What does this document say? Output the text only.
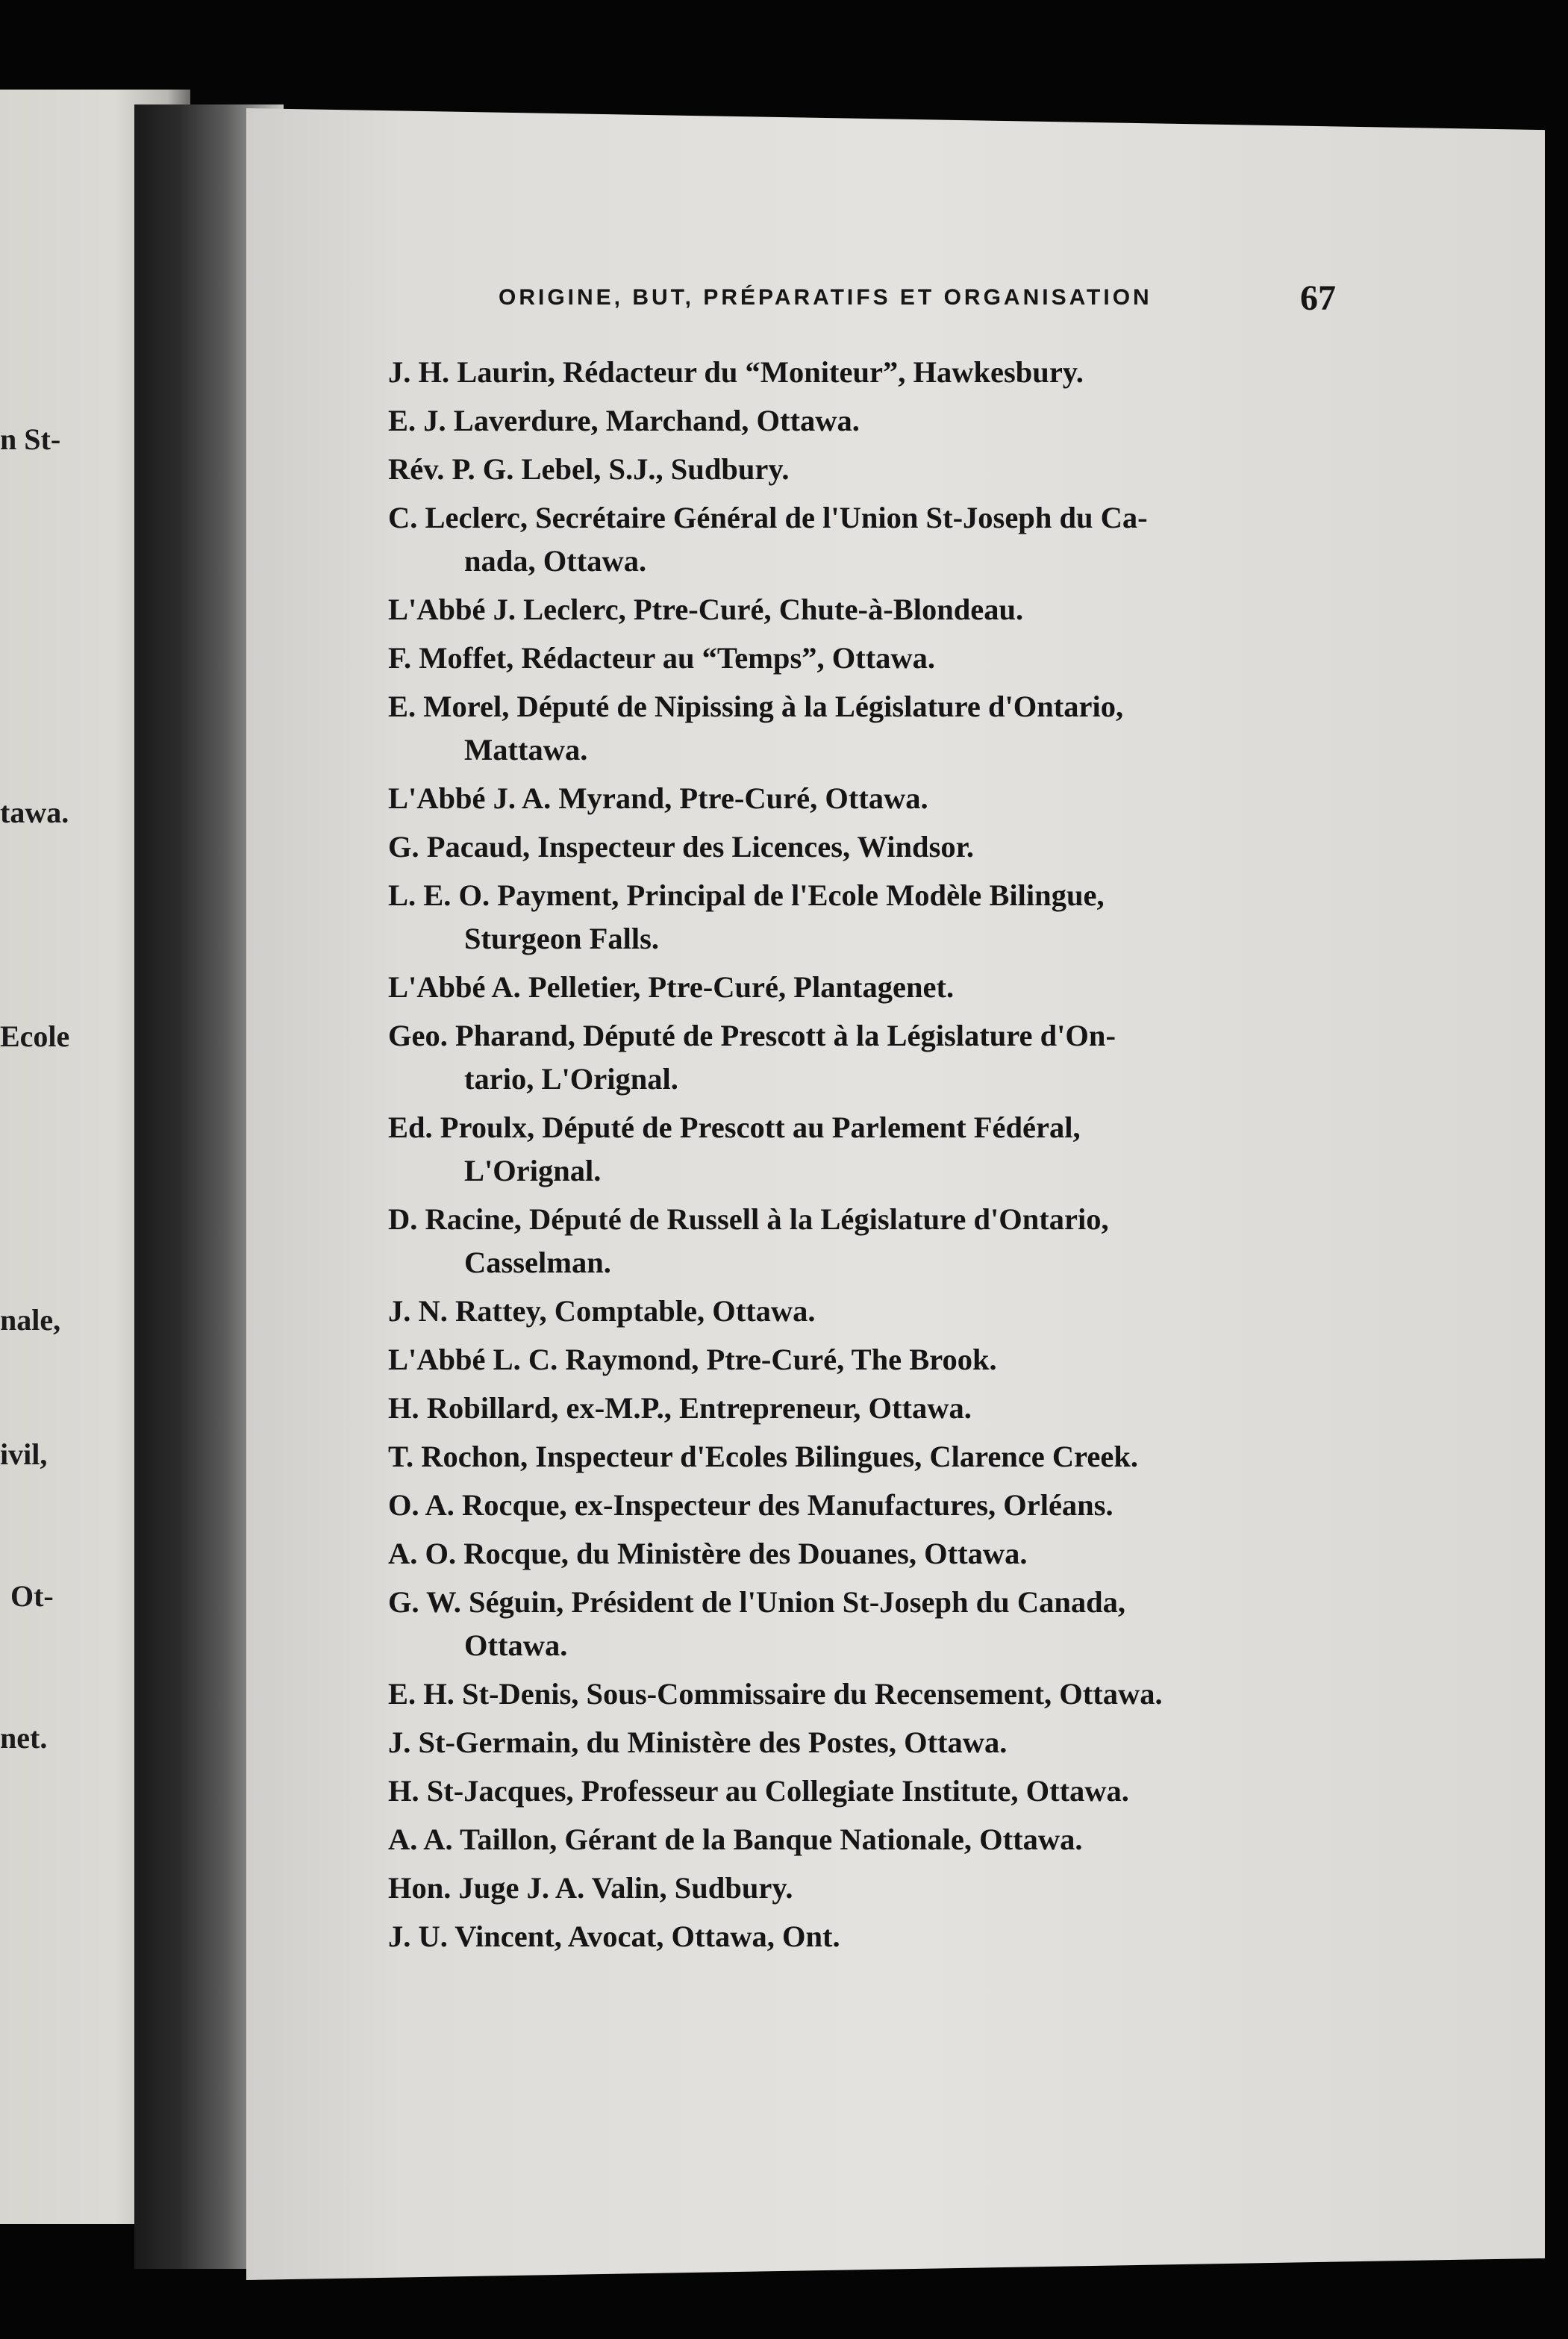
n St-
tawa.
Ecole
nale,
ivil,
Ot-
net.
ORIGINE, BUT, PRÉPARATIFS ET ORGANISATION	67
J. H. Laurin, Rédacteur du “Moniteur”, Hawkesbury.
E. J. Laverdure, Marchand, Ottawa.
Rév. P. G. Lebel, S.J., Sudbury.
C. Leclerc, Secrétaire Général de l'Union St-Joseph du Ca-
nada, Ottawa.
L'Abbé J. Leclerc, Ptre-Curé, Chute-à-Blondeau.
F. Moffet, Rédacteur au “Temps”, Ottawa.
E. Morel, Député de Nipissing à la Législature d'Ontario,
Mattawa.
L'Abbé J. A. Myrand, Ptre-Curé, Ottawa.
G. Pacaud, Inspecteur des Licences, Windsor.
L. E. O. Payment, Principal de l'Ecole Modèle Bilingue,
Sturgeon Falls.
L'Abbé A. Pelletier, Ptre-Curé, Plantagenet.
Geo. Pharand, Député de Prescott à la Législature d'On-
tario, L'Orignal.
Ed. Proulx, Député de Prescott au Parlement Fédéral,
L'Orignal.
D. Racine, Député de Russell à la Législature d'Ontario,
Casselman.
J. N. Rattey, Comptable, Ottawa.
L'Abbé L. C. Raymond, Ptre-Curé, The Brook.
H. Robillard, ex-M.P., Entrepreneur, Ottawa.
T. Rochon, Inspecteur d'Ecoles Bilingues, Clarence Creek.
O. A. Rocque, ex-Inspecteur des Manufactures, Orléans.
A. O. Rocque, du Ministère des Douanes, Ottawa.
G. W. Séguin, Président de l'Union St-Joseph du Canada,
Ottawa.
E. H. St-Denis, Sous-Commissaire du Recensement, Ottawa.
J. St-Germain, du Ministère des Postes, Ottawa.
H. St-Jacques, Professeur au Collegiate Institute, Ottawa.
A. A. Taillon, Gérant de la Banque Nationale, Ottawa.
Hon. Juge J. A. Valin, Sudbury.
J. U. Vincent, Avocat, Ottawa, Ont.
